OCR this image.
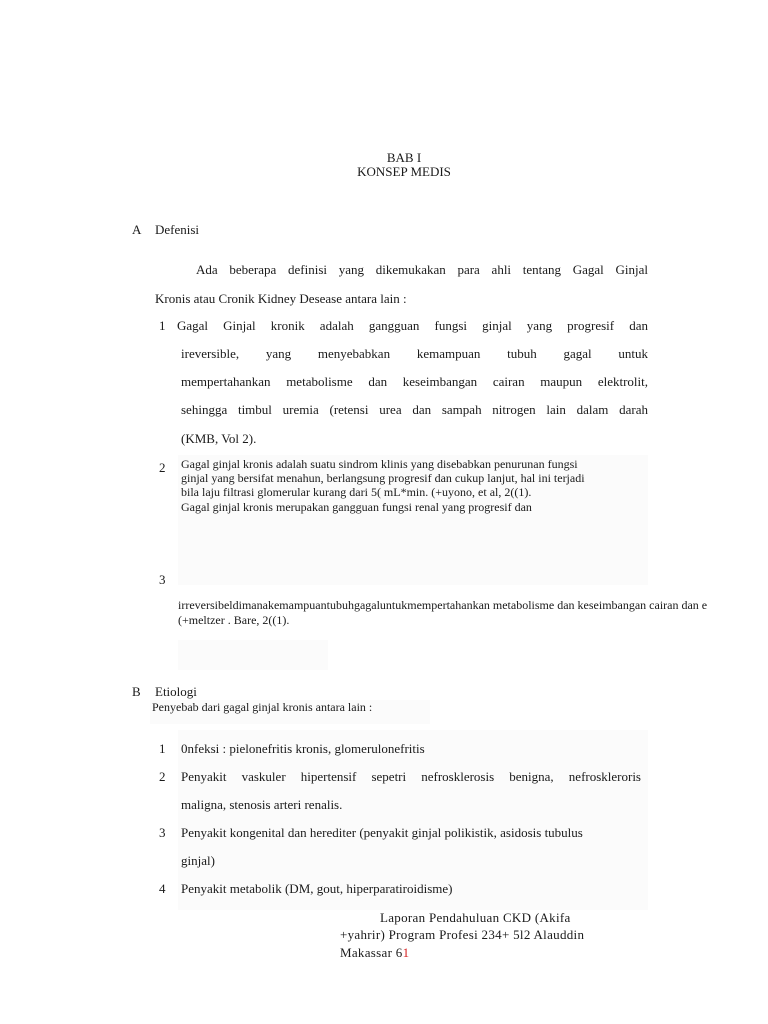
BAB I
KONSEP MEDIS
A Defenisi
Ada beberapa definisi yang dikemukakan para ahli tentang Gagal Ginjal
Kronis atau Cronik Kidney Desease antara lain :
1 Gagal Ginjal kronik adalah gangguan fungsi ginjal yang progresif dan
ireversible, yang menyebabkan kemampuan tubuh gagal untuk
mempertahankan metabolisme dan keseimbangan cairan maupun elektrolit,
sehingga timbul uremia (retensi urea dan sampah nitrogen lain dalam darah
(KMB, Vol 2).
2 Gagal ginjal kronis adalah suatu sindrom klinis yang disebabkan penurunan fungsi
ginjal yang bersifat menahun, berlangsung progresif dan cukup lanjut, hal ini terjadi
bila laju filtrasi glomerular kurang dari 5( mL*min. (+uyono, et al, 2((1).
Gagal ginjal kronis merupakan gangguan fungsi renal yang progresif dan
3
irreversibeldimanakemampuantubuhgagaluntukmempertahankan metabolisme dan keseimbangan cairan dan e
(+meltzer . Bare, 2((1).
B Etiologi
Penyebab dari gagal ginjal kronis antara lain :
1 0nfeksi : pielonefritis kronis, glomerulonefritis
2 Penyakit vaskuler hipertensif sepetri nefrosklerosis benigna, nefroskleroris
maligna, stenosis arteri renalis.
3 Penyakit kongenital dan herediter (penyakit ginjal polikistik, asidosis tubulus
ginjal)
4 Penyakit metabolik (DM, gout, hiperparatiroidisme)
Laporan Pendahuluan CKD (Akifa
+yahrir) Program Profesi 234+ 5l2 Alauddin
Makassar 61
